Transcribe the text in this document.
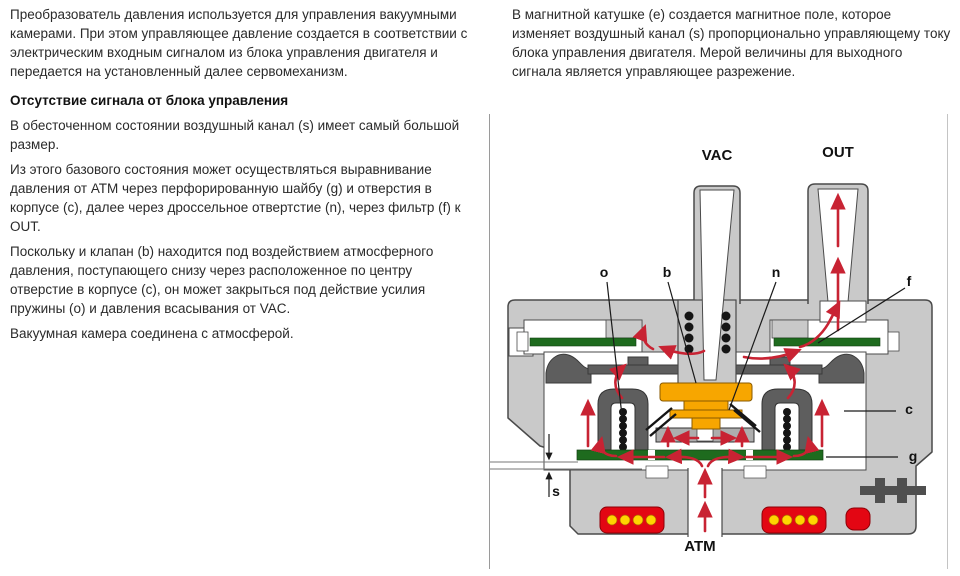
Преобразователь давления используется для управления вакуумными камерами. При этом управляющее давление создается в соответствии с электрическим входным сигналом из блока управления двигателя и передается на установленный далее сервомеханизм.

Отсутствие сигнала от блока управления

В обесточенном состоянии воздушный канал (s) имеет самый большой размер.

Из этого базового состояния может осуществляться выравнивание давления от АТМ через перфорированную шайбу (g) и отверстия в корпусе (c), далее через дроссельное отвертстие (n), через фильтр (f) к OUT.

Поскольку и клапан (b) находится под воздействием атмосферного давления, поступающего снизу через расположенное по центру отверстие в корпусе (c), он может закрыться под действие усилия пружины (o) и давления всасывания от VAC.

Вакуумная камера соединена с атмосферой.

В магнитной катушке (e) создается магнитное поле, которое изменяет воздушный канал (s) пропорционально управляющему току блока управления двигателя. Мерой величины для выходного сигнала является управляющее разрежение.

VAC	OUT
ATM
o	b	n
f
c
g
s
